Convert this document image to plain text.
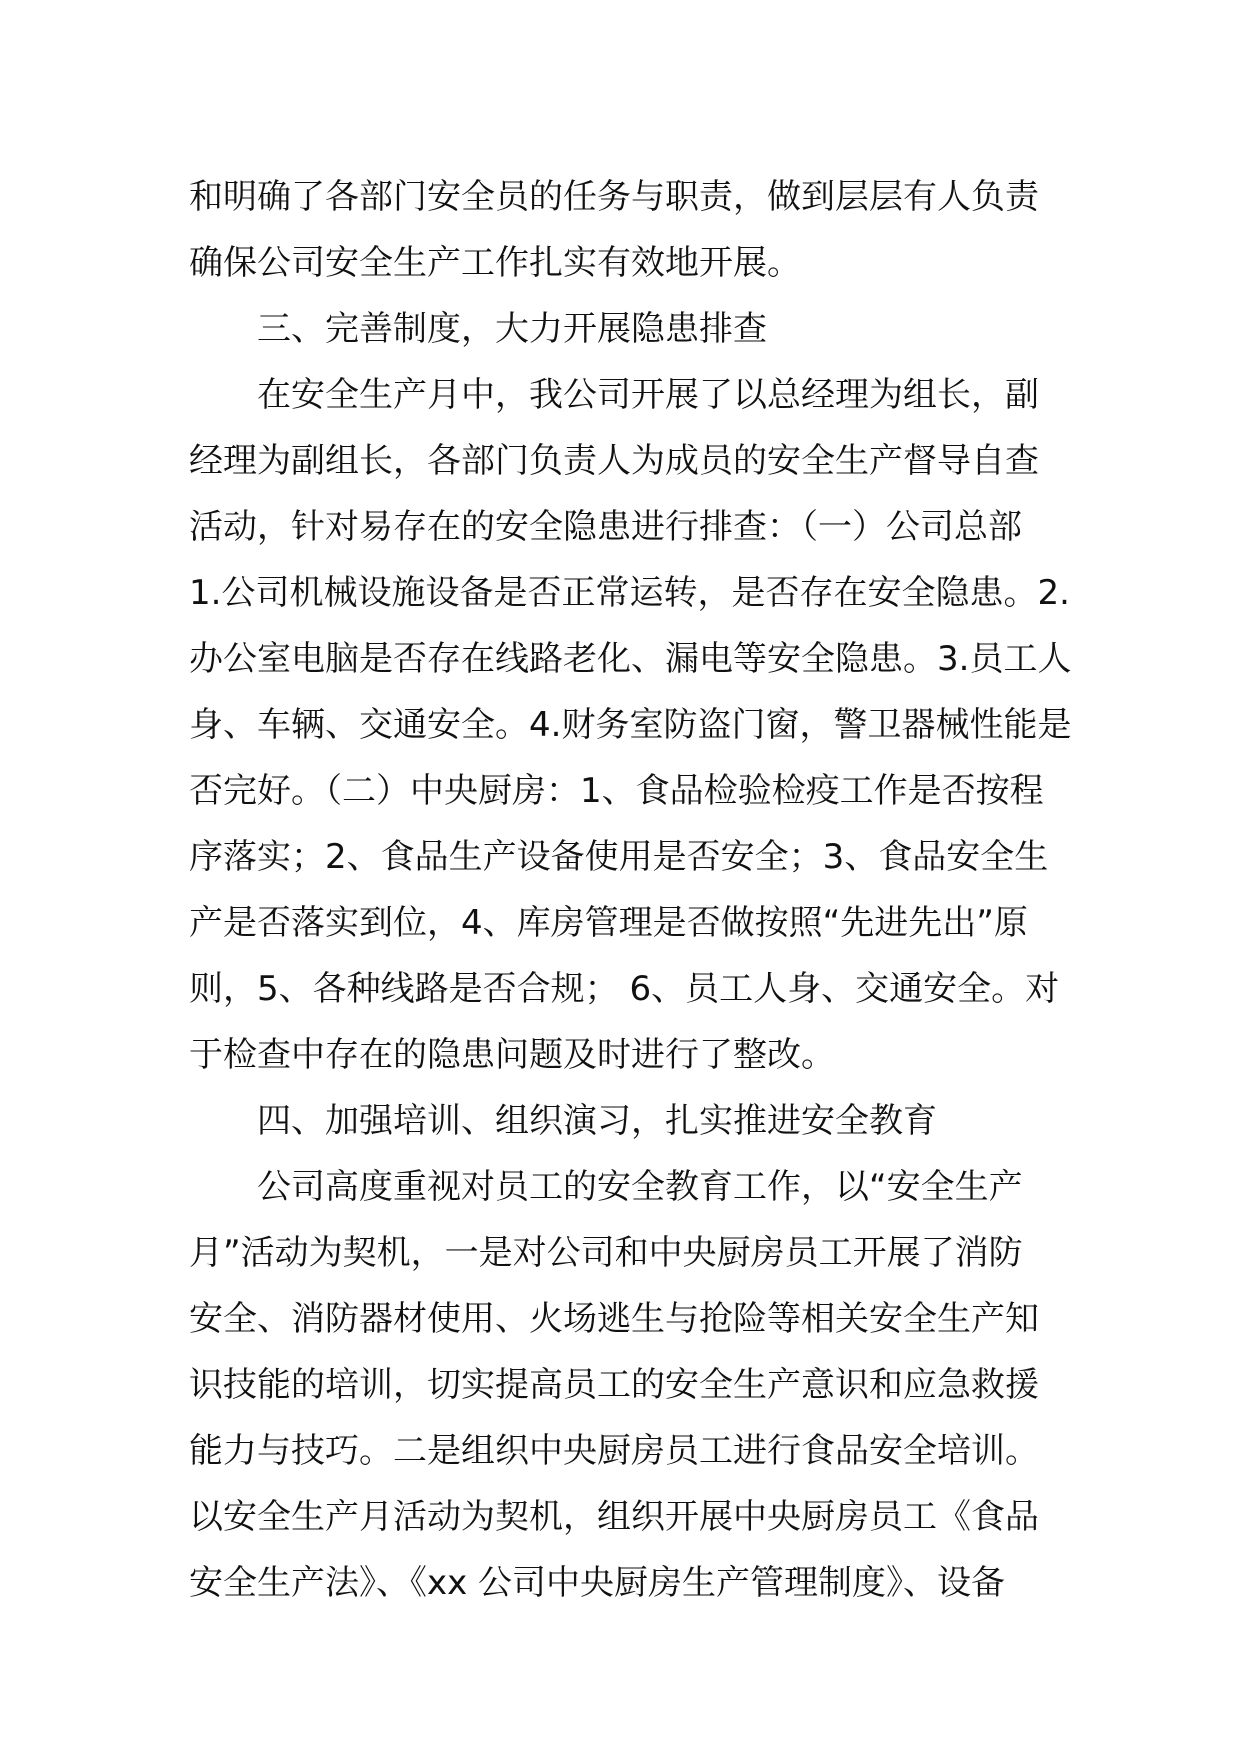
和明确了各部门安全员的任务与职责，做到层层有人负责
确保公司安全生产工作扎实有效地开展。
三、完善制度，大力开展隐患排查
在安全生产月中，我公司开展了以总经理为组长，副
经理为副组长，各部门负责人为成员的安全生产督导自查
活动，针对易存在的安全隐患进行排查：（一）公司总部
1.公司机械设施设备是否正常运转，是否存在安全隐患。2.
办公室电脑是否存在线路老化、漏电等安全隐患。3.员工人
身、车辆、交通安全。4.财务室防盗门窗，警卫器械性能是
否完好。（二）中央厨房：1、食品检验检疫工作是否按程
序落实；2、食品生产设备使用是否安全；3、食品安全生
产是否落实到位，4、库房管理是否做按照“先进先出”原
则，5、各种线路是否合规； 6、员工人身、交通安全。对
于检查中存在的隐患问题及时进行了整改。
四、加强培训、组织演习，扎实推进安全教育
公司高度重视对员工的安全教育工作，以“安全生产
月”活动为契机，一是对公司和中央厨房员工开展了消防
安全、消防器材使用、火场逃生与抢险等相关安全生产知
识技能的培训，切实提高员工的安全生产意识和应急救援
能力与技巧。二是组织中央厨房员工进行食品安全培训。
以安全生产月活动为契机，组织开展中央厨房员工《食品
安全生产法》、《xx 公司中央厨房生产管理制度》、设备
